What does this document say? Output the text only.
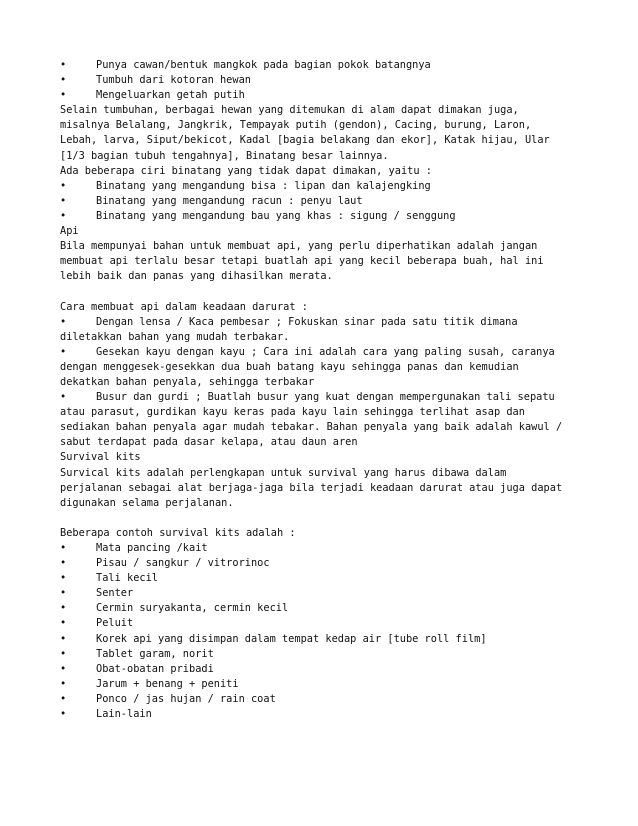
•	Punya cawan/bentuk mangkok pada bagian pokok batangnya
•	Tumbuh dari kotoran hewan
•	Mengeluarkan getah putih
Selain tumbuhan, berbagai hewan yang ditemukan di alam dapat dimakan juga,
misalnya Belalang, Jangkrik, Tempayak putih (gendon), Cacing, burung, Laron,
Lebah, larva, Siput/bekicot, Kadal [bagia belakang dan ekor], Katak hijau, Ular
[1/3 bagian tubuh tengahnya], Binatang besar lainnya.
Ada beberapa ciri binatang yang tidak dapat dimakan, yaitu :
•	Binatang yang mengandung bisa : lipan dan kalajengking
•	Binatang yang mengandung racun : penyu laut
•	Binatang yang mengandung bau yang khas : sigung / senggung
Api
Bila mempunyai bahan untuk membuat api, yang perlu diperhatikan adalah jangan
membuat api terlalu besar tetapi buatlah api yang kecil beberapa buah, hal ini
lebih baik dan panas yang dihasilkan merata.
Cara membuat api dalam keadaan darurat :
•	Dengan lensa / Kaca pembesar ; Fokuskan sinar pada satu titik dimana
diletakkan bahan yang mudah terbakar.
•	Gesekan kayu dengan kayu ; Cara ini adalah cara yang paling susah, caranya
dengan menggesek-gesekkan dua buah batang kayu sehingga panas dan kemudian
dekatkan bahan penyala, sehingga terbakar
•	Busur dan gurdi ; Buatlah busur yang kuat dengan mempergunakan tali sepatu
atau parasut, gurdikan kayu keras pada kayu lain sehingga terlihat asap dan
sediakan bahan penyala agar mudah tebakar. Bahan penyala yang baik adalah kawul /
sabut terdapat pada dasar kelapa, atau daun aren
Survival kits
Survical kits adalah perlengkapan untuk survival yang harus dibawa dalam
perjalanan sebagai alat berjaga-jaga bila terjadi keadaan darurat atau juga dapat
digunakan selama perjalanan.
Beberapa contoh survival kits adalah :
•	Mata pancing /kait
•	Pisau / sangkur / vitrorinoc
•	Tali kecil
•	Senter
•	Cermin suryakanta, cermin kecil
•	Peluit
•	Korek api yang disimpan dalam tempat kedap air [tube roll film]
•	Tablet garam, norit
•	Obat-obatan pribadi
•	Jarum + benang + peniti
•	Ponco / jas hujan / rain coat
•	Lain-lain
